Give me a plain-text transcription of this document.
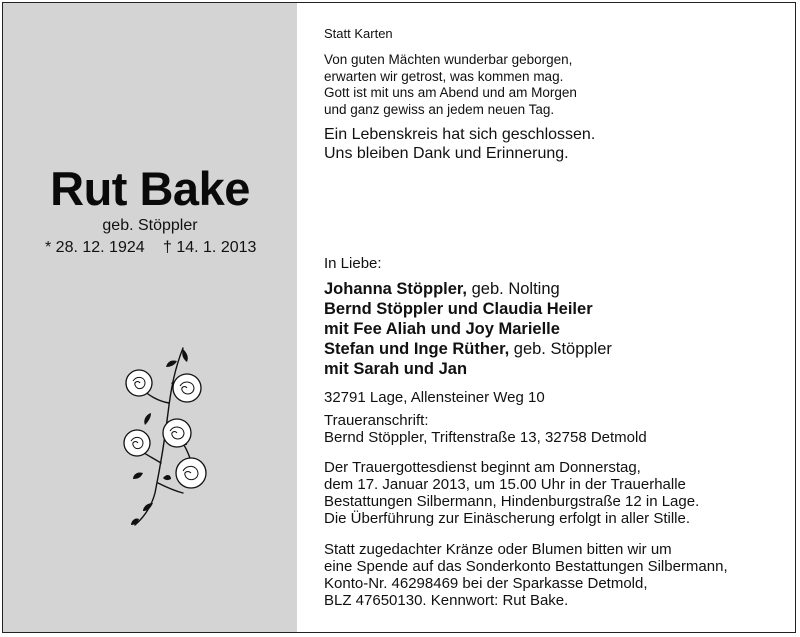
Rut Bake
geb. Stöppler
* 28. 12. 1924 † 14. 1. 2013

Statt Karten

Von guten Mächten wunderbar geborgen,

erwarten wir getrost, was kommen mag.

Gott ist mit uns am Abend und am Morgen

und ganz gewiss an jedem neuen Tag.

Ein Lebenskreis hat sich geschlossen.

Uns bleiben Dank und Erinnerung.

In Liebe:

Johanna Stöppler, geb. Nolting

Bernd Stöppler und Claudia Heiler

mit Fee Aliah und Joy Marielle

Stefan und Inge Rüther, geb. Stöppler

mit Sarah und Jan

32791 Lage, Allensteiner Weg 10

Traueranschrift:

Bernd Stöppler, Triftenstraße 13, 32758 Detmold

Der Trauergottesdienst beginnt am Donnerstag,

dem 17. Januar 2013, um 15.00 Uhr in der Trauerhalle

Bestattungen Silbermann, Hindenburgstraße 12 in Lage.

Die Überführung zur Einäscherung erfolgt in aller Stille.

Statt zugedachter Kränze oder Blumen bitten wir um

eine Spende auf das Sonderkonto Bestattungen Silbermann,

Konto-Nr. 46298469 bei der Sparkasse Detmold,

BLZ 47650130. Kennwort: Rut Bake.
